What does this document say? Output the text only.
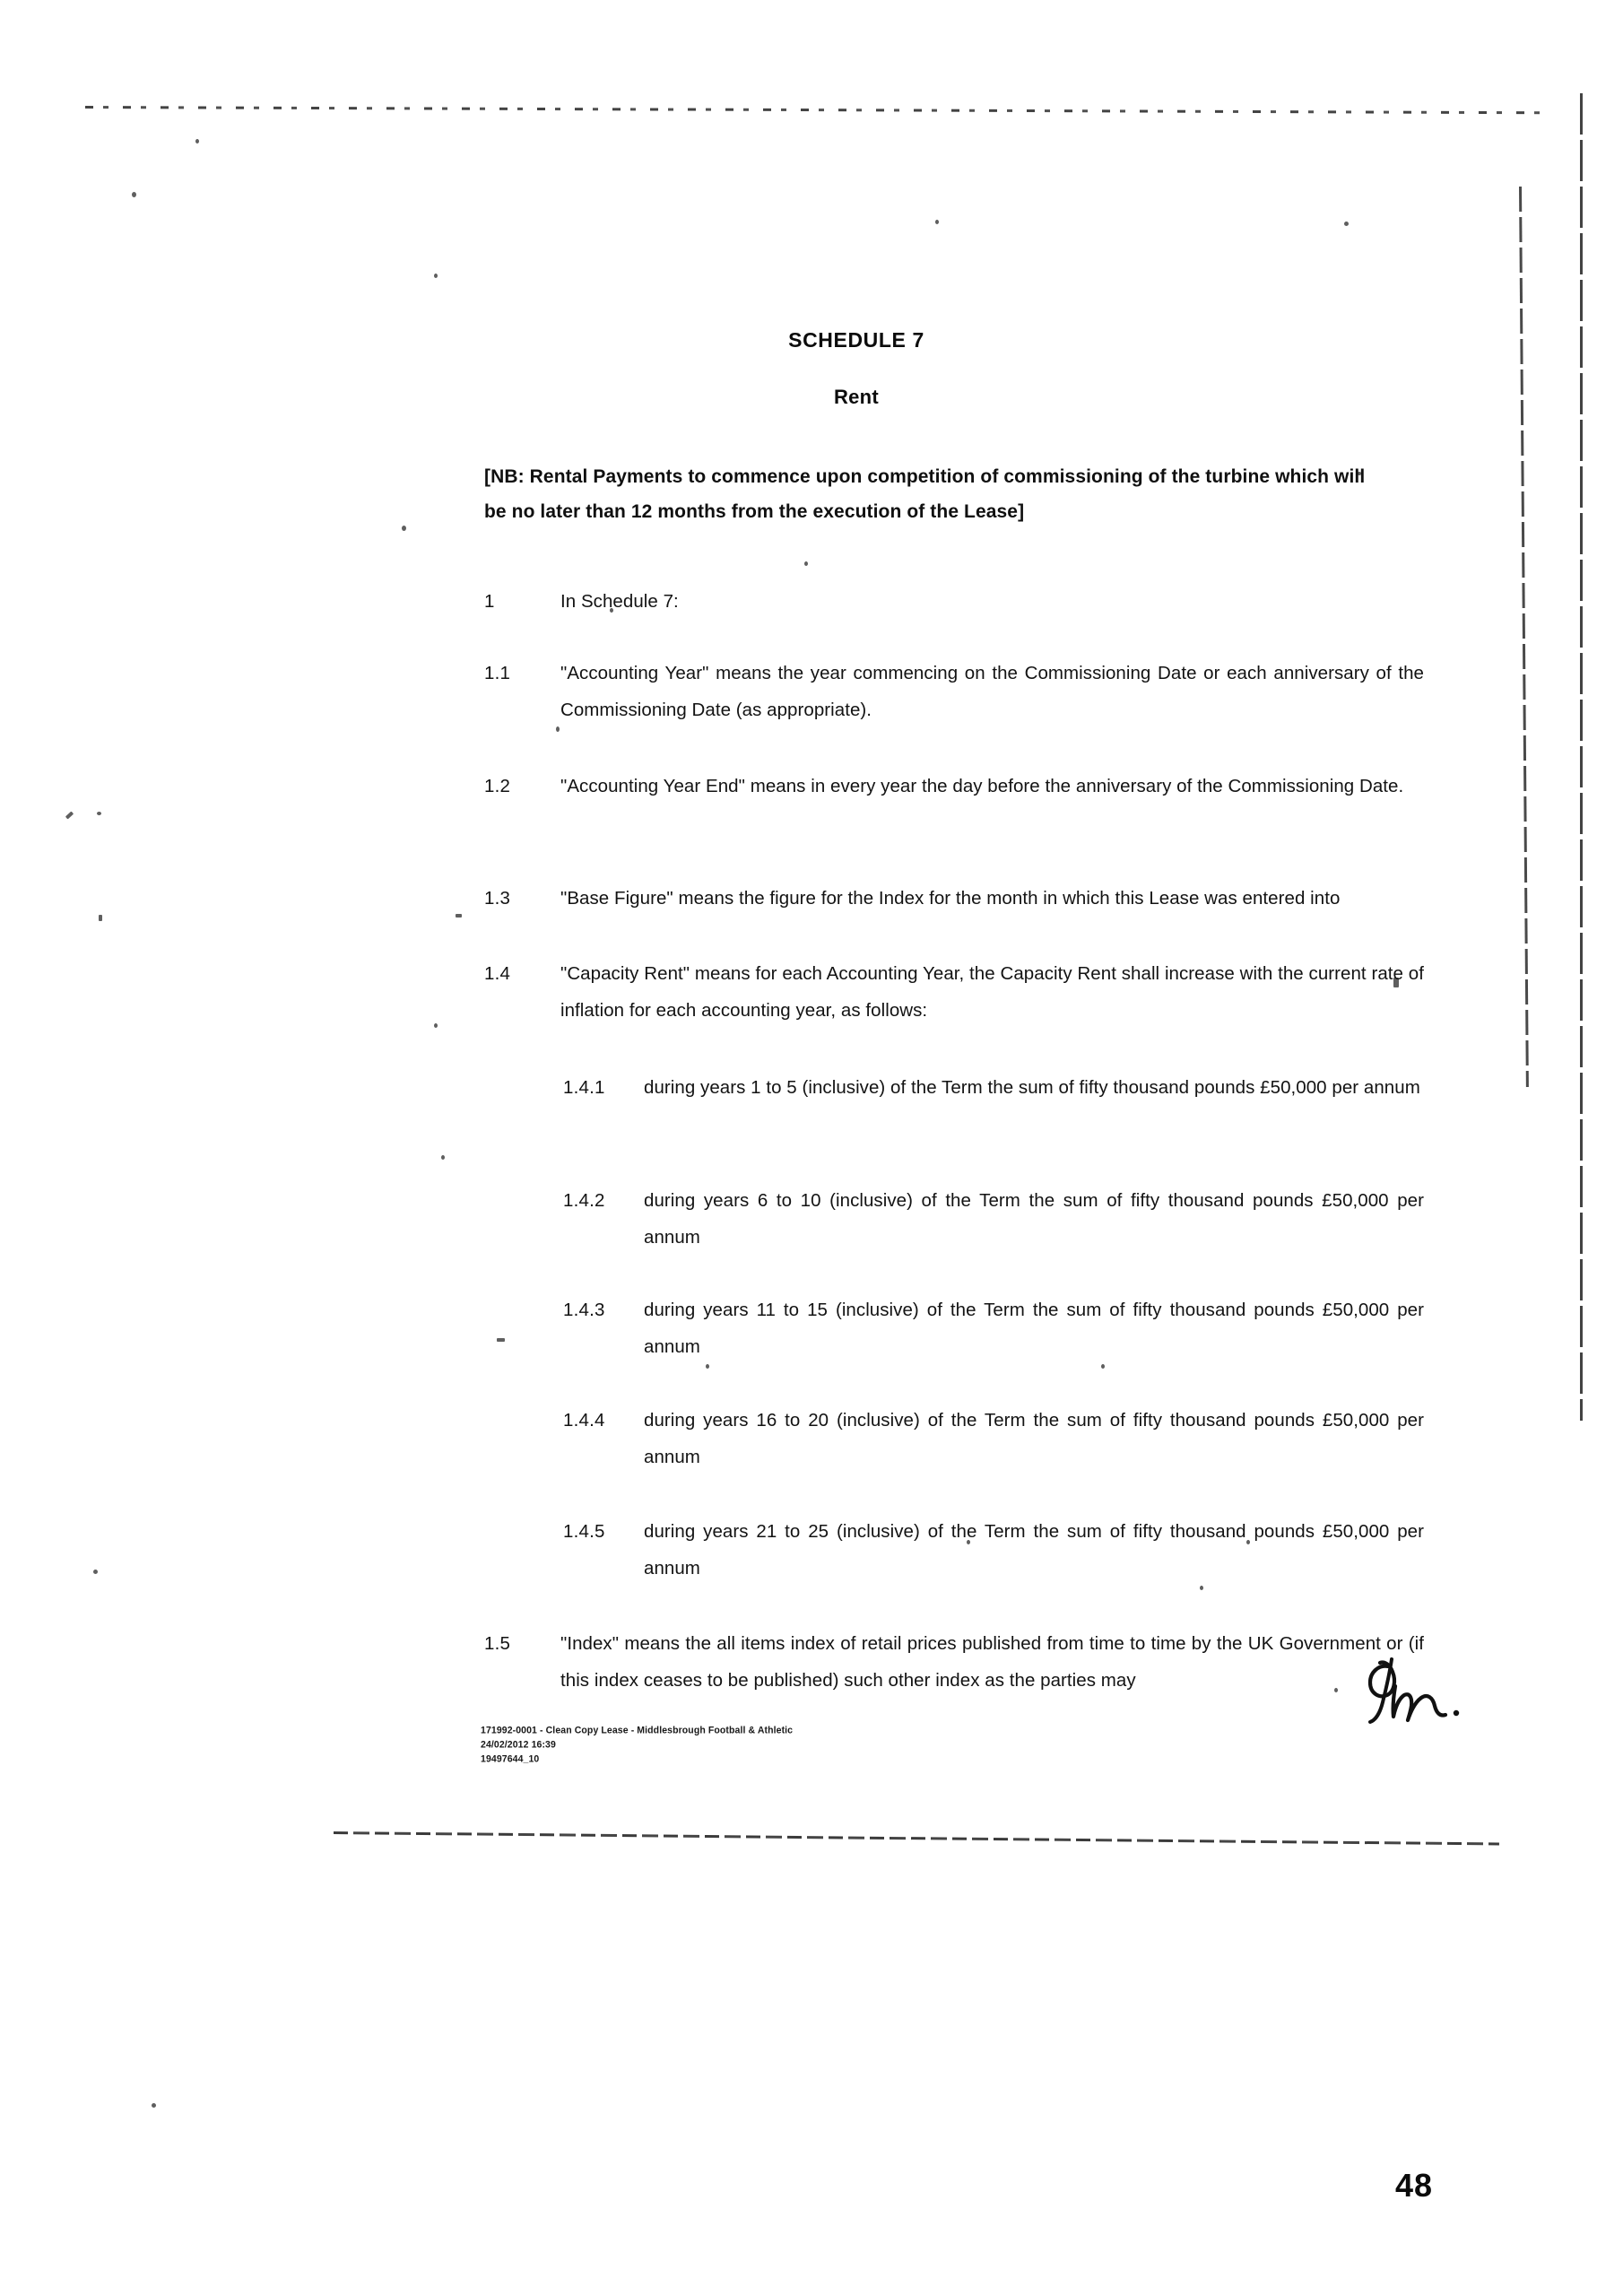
SCHEDULE 7
Rent
[NB: Rental Payments to commence upon competition of commissioning of the turbine which will be no later than 12 months from the execution of the Lease]
1	In Schedule 7:
1.1	"Accounting Year" means the year commencing on the Commissioning Date or each anniversary of the Commissioning Date (as appropriate).
1.2	"Accounting Year End" means in every year the day before the anniversary of the Commissioning Date.
1.3	"Base Figure" means the figure for the Index for the month in which this Lease was entered into
1.4	"Capacity Rent" means for each Accounting Year, the Capacity Rent shall increase with the current rate of inflation for each accounting year, as follows:
1.4.1	during years 1 to 5 (inclusive) of the Term the sum of fifty thousand pounds £50,000 per annum
1.4.2	during years 6 to 10 (inclusive) of the Term the sum of fifty thousand pounds £50,000 per annum
1.4.3	during years 11 to 15 (inclusive) of the Term the sum of fifty thousand pounds £50,000 per annum
1.4.4	during years 16 to 20 (inclusive) of the Term the sum of fifty thousand pounds £50,000 per annum
1.4.5	during years 21 to 25 (inclusive) of the Term the sum of fifty thousand pounds £50,000 per annum
1.5	"Index" means the all items index of retail prices published from time to time by the UK Government or (if this index ceases to be published) such other index as the parties may
171992-0001 - Clean Copy Lease - Middlesbrough Football & Athletic
24/02/2012 16:39
19497644_10
48
